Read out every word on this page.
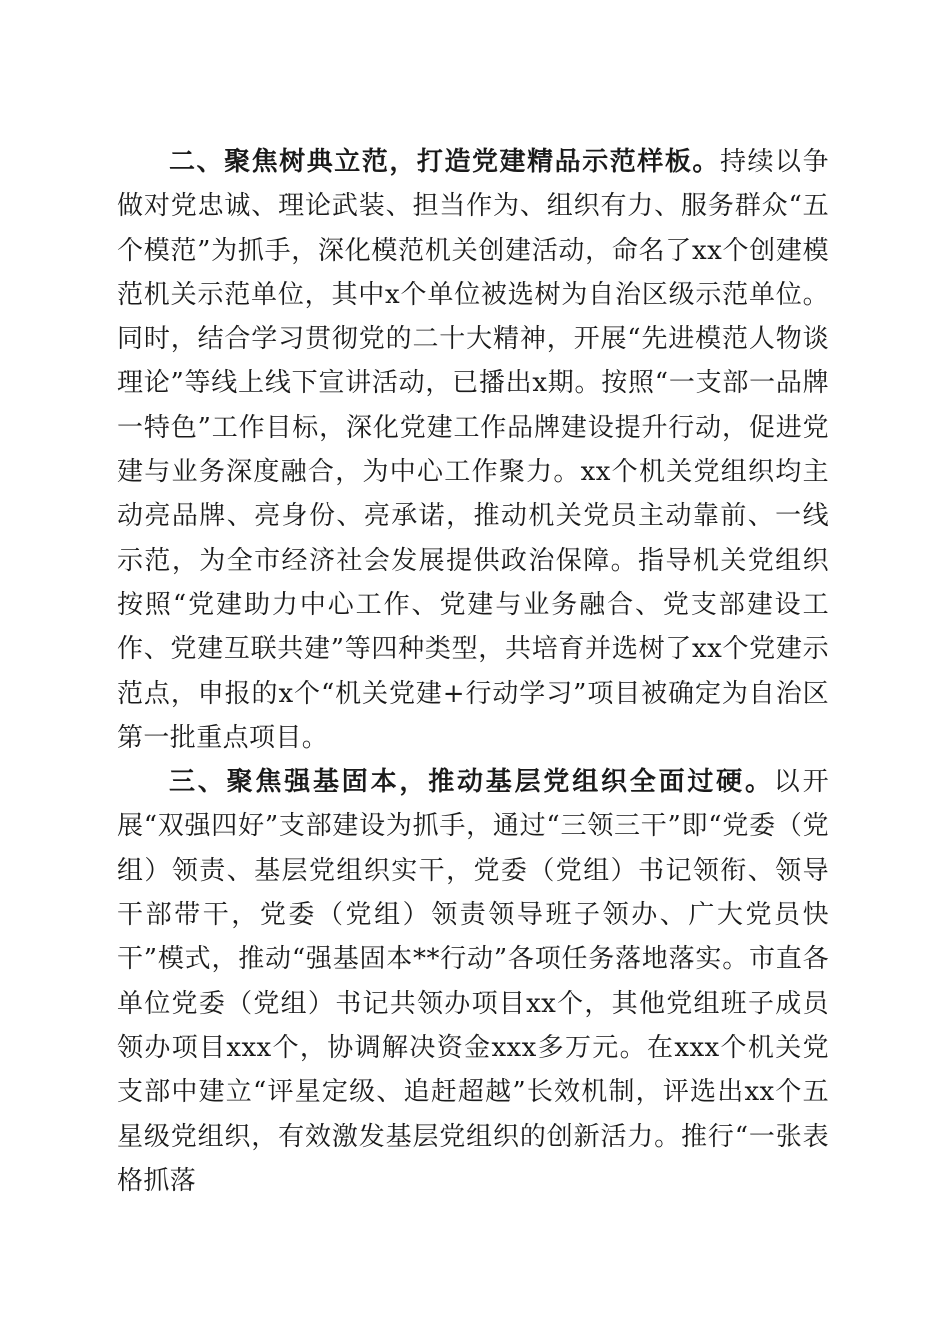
二、聚焦树典立范，打造党建精品示范样板。持续以争做对党忠诚、理论武装、担当作为、组织有力、服务群众“五个模范”为抓手，深化模范机关创建活动，命名了xx个创建模范机关示范单位，其中x个单位被选树为自治区级示范单位。同时，结合学习贯彻党的二十大精神，开展“先进模范人物谈理论”等线上线下宣讲活动，已播出x期。按照“一支部一品牌一特色”工作目标，深化党建工作品牌建设提升行动，促进党建与业务深度融合，为中心工作聚力。xx个机关党组织均主动亮品牌、亮身份、亮承诺，推动机关党员主动靠前、一线示范，为全市经济社会发展提供政治保障。指导机关党组织按照“党建助力中心工作、党建与业务融合、党支部建设工作、党建互联共建”等四种类型，共培育并选树了xx个党建示范点，申报的x个“机关党建+行动学习”项目被确定为自治区第一批重点项目。

三、聚焦强基固本，推动基层党组织全面过硬。以开展“双强四好”支部建设为抓手，通过“三领三干”即“党委（党组）领责、基层党组织实干，党委（党组）书记领衔、领导干部带干，党委（党组）领责领导班子领办、广大党员快干”模式，推动“强基固本**行动”各项任务落地落实。市直各单位党委（党组）书记共领办项目xx个，其他党组班子成员领办项目xxx个，协调解决资金xxx多万元。在xxx个机关党支部中建立“评星定级、追赶超越”长效机制，评选出xx个五星级党组织，有效激发基层党组织的创新活力。推行“一张表格抓落
